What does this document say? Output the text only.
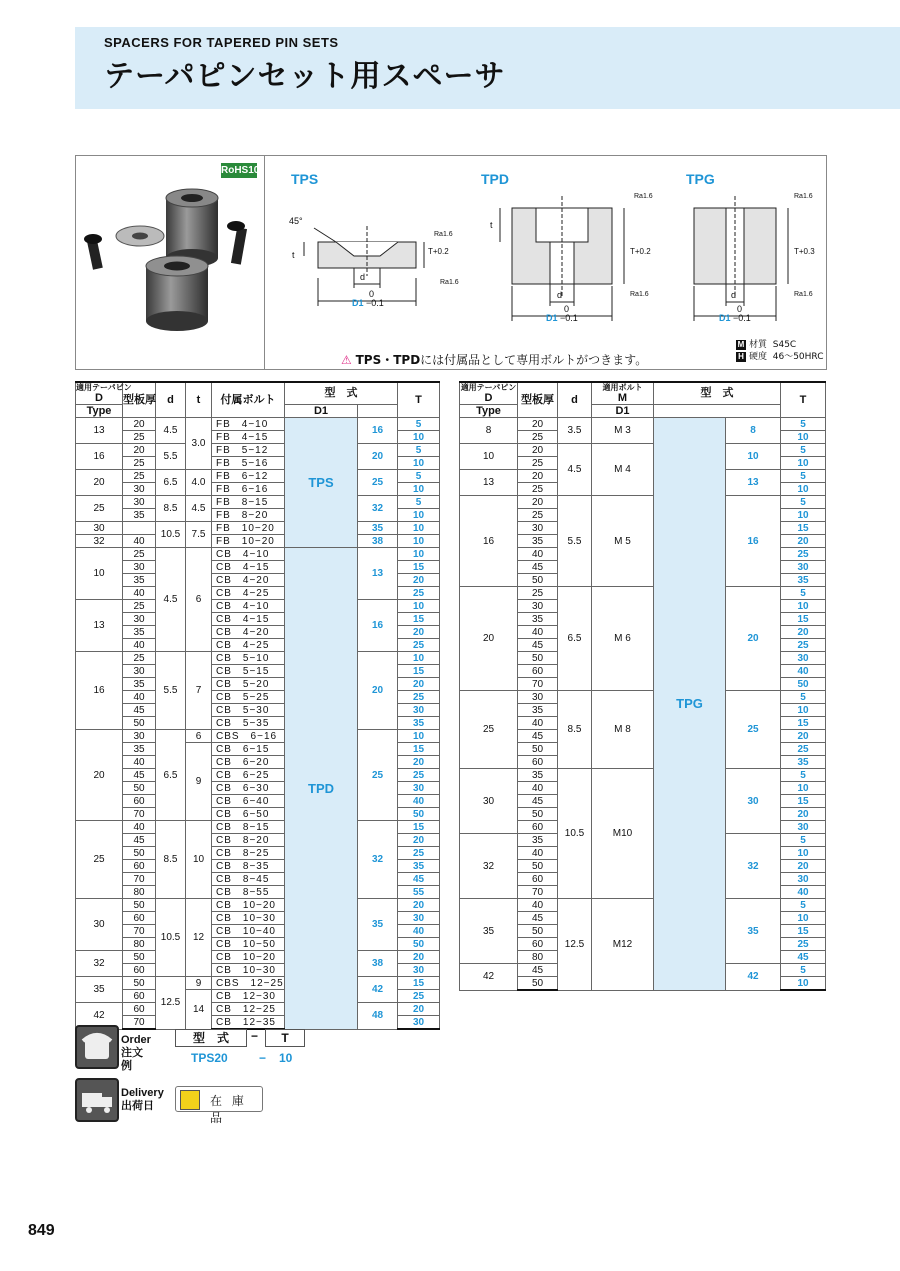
SPACERS FOR TAPERED PIN SETS
テーパピンセット用スペーサ
RoHS10
TPS	TPD	TPG
d
0
D1 −0.1
t
45°
T+0.2
Ra1.6
Ra1.6
d
0
D1 −0.1
t
T+0.2
Ra1.6
Ra1.6	d
0
D1 −0.1
T+0.3
Ra1.6
Ra1.6
⚠ TPS・TPDには付属品として専用ボルトがつきます。
M 材質 S45C
H 硬度 46〜50HRC
適用テーパピン
D	型板厚	d	t	付属ボルト	型　式		T
Type					D1		
13	20	4.5	3.0	FB　4−10	TPS	16	5
	25			FB　4−15			10
16	20	5.5		FB　5−12		20	5
	25			FB　5−16			10
20	25	6.5	4.0	FB　6−12		25	5
	30			FB　6−16			10
25	30	8.5	4.5	FB　8−15		32	5
	35			FB　8−20			10
30		10.5	7.5	FB　10−20		35	10
32	40			FB　10−20		38	10
10	25	4.5	6	CB　4−10	TPD	13	10
	30			CB　4−15			15
	35			CB　4−20			20
	40			CB　4−25			25
13	25			CB　4−10		16	10
	30			CB　4−15			15
	35			CB　4−20			20
	40			CB　4−25			25
16	25	5.5	7	CB　5−10		20	10
	30			CB　5−15			15
	35			CB　5−20			20
	40			CB　5−25			25
	45			CB　5−30			30
	50			CB　5−35			35
20	30	6.5	6	CBS　6−16		25	10
	35		9	CB　6−15			15
	40			CB　6−20			20
	45			CB　6−25			25
	50			CB　6−30			30
	60			CB　6−40			40
	70			CB　6−50			50
25	40	8.5	10	CB　8−15		32	15
	45			CB　8−20			20
	50			CB　8−25			25
	60			CB　8−35			35
	70			CB　8−45			45
	80			CB　8−55			55
30	50	10.5	12	CB　10−20		35	20
	60			CB　10−30			30
	70			CB　10−40			40
	80			CB　10−50			50
32	50			CB　10−20		38	20
	60			CB　10−30			30
35	50	12.5	9	CBS　12−25		42	15
	60		14	CB　12−30			25
42	60			CB　12−25		48	20
	70			CB　12−35			30
適用テーパピン
D	型板厚	d	適用ボルト
M	型　式		T
Type			D1			
8	20	3.5	M 3	TPG	8	5
	25					10
10	20	4.5	M 4		10	5
	25					10
13	20				13	5
	25					10
16	20	5.5	M 5		16	5
	25					10
	30					15
	35					20
	40					25
	45					30
	50					35
20	25	6.5	M 6		20	5
	30					10
	35					15
	40					20
	45					25
	50					30
	60					40
	70					50
25	30	8.5	M 8		25	5
	35					10
	40					15
	45					20
	50					25
	60					35
30	35	10.5	M10		30	5
	40					10
	45					15
	50					20
	60					30
32	35				32	5
	40					10
	50					20
	60					30
	70					40
35	40	12.5	M12		35	5
	45					10
	50					15
	60					25
	80					45
42	45				42	5
	50					10
Order
注文例
型　式	−	T
TPS20	− 10
Delivery
出荷日	在 庫 品
849
